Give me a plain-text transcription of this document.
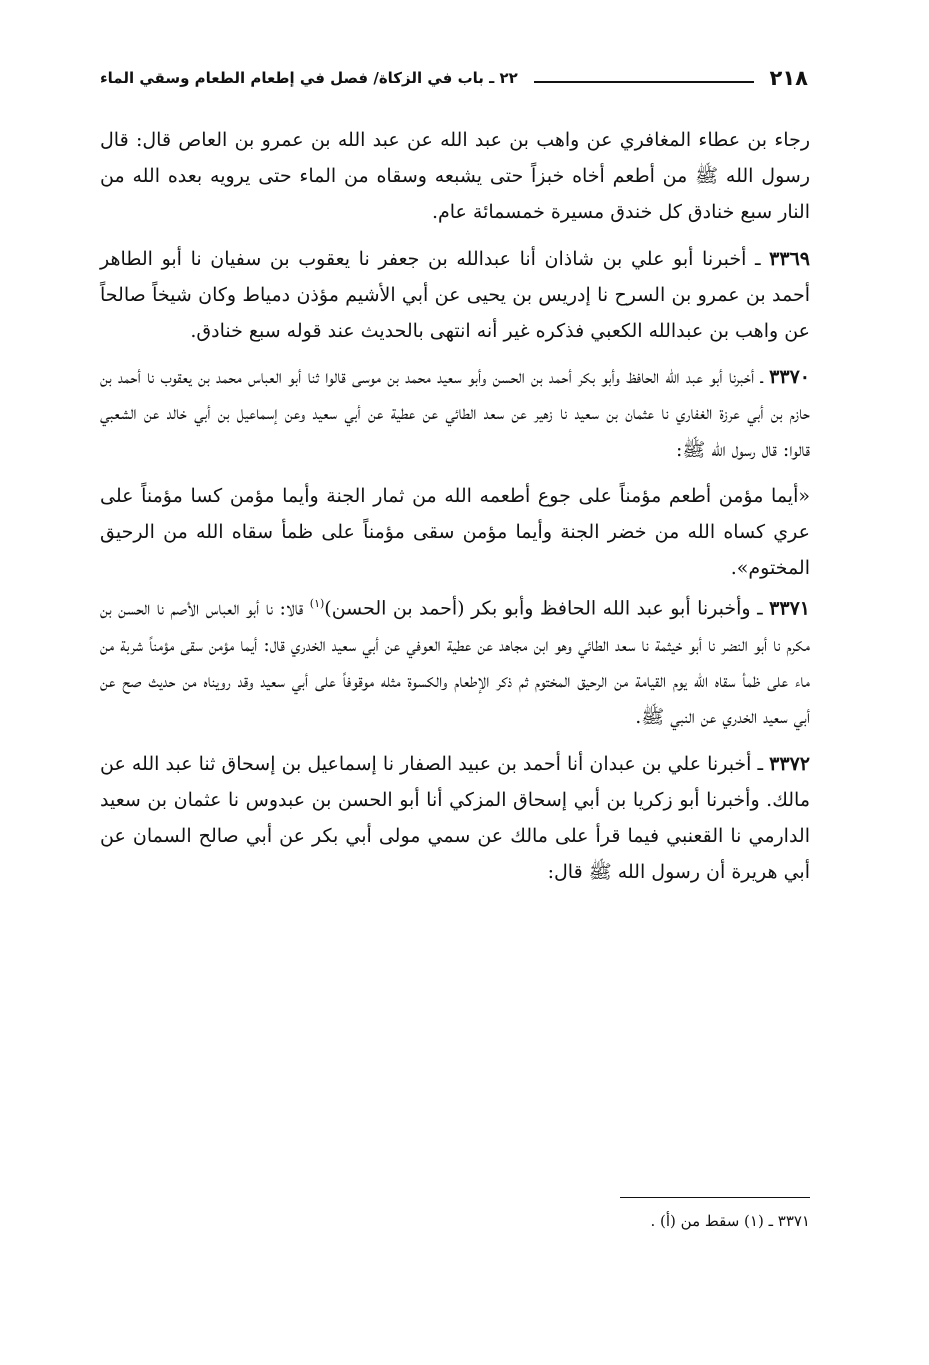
٢١٨
٢٢ ـ باب في الزكاة/ فصل في إطعام الطعام وسقي الماء

رجاء بن عطاء المغافري عن واهب بن عبد الله عن عبد الله بن عمرو بن العاص قال: قال رسول الله ﷺ من أطعم أخاه خبزاً حتى يشبعه وسقاه من الماء حتى يرويه بعده الله من النار سبع خنادق كل خندق مسيرة خمسمائة عام.

٣٣٦٩ ـ أخبرنا أبو علي بن شاذان أنا عبدالله بن جعفر نا يعقوب بن سفيان نا أبو الطاهر أحمد بن عمرو بن السرح نا إدريس بن يحيى عن أبي الأشيم مؤذن دمياط وكان شيخاً صالحاً عن واهب بن عبدالله الكعبي فذكره غير أنه انتهى بالحديث عند قوله سبع خنادق.

٣٣٧٠ ـ أخبرنا أبو عبد الله الحافظ وأبو بكر أحمد بن الحسن وأبو سعيد محمد بن موسى قالوا ثنا أبو العباس محمد بن يعقوب نا أحمد بن حازم بن أبي عرزة الغفاري نا عثمان بن سعيد نا زهير عن سعد الطائي عن عطية عن أبي سعيد وعن إسماعيل بن أبي خالد عن الشعبي قالوا: قال رسول الله ﷺ:

«أيما مؤمن أطعم مؤمناً على جوع أطعمه الله من ثمار الجنة وأيما مؤمن كسا مؤمناً على عري كساه الله من خضر الجنة وأيما مؤمن سقى مؤمناً على ظمأ سقاه الله من الرحيق المختوم».

٣٣٧١ ـ وأخبرنا أبو عبد الله الحافظ وأبو بكر (أحمد بن الحسن)$^{(١)}$ قالا: نا أبو العباس الأصم نا الحسن بن مكرم نا أبو النضر نا أبو خيثمة نا سعد الطائي وهو ابن مجاهد عن عطية العوفي عن أبي سعيد الخدري قال: أيما مؤمن سقى مؤمناً شربة من ماء على ظمأ سقاه الله يوم القيامة من الرحيق المختوم ثم ذكر الإطعام والكسوة مثله موقوفاً على أبي سعيد وقد رويناه من حديث صح عن أبي سعيد الخدري عن النبي ﷺ.

٣٣٧٢ ـ أخبرنا علي بن عبدان أنا أحمد بن عبيد الصفار نا إسماعيل بن إسحاق ثنا عبد الله عن مالك. وأخبرنا أبو زكريا بن أبي إسحاق المزكي أنا أبو الحسن بن عبدوس نا عثمان بن سعيد الدارمي نا القعنبي فيما قرأ على مالك عن سمي مولى أبي بكر عن أبي صالح السمان عن أبي هريرة أن رسول الله ﷺ قال:

٣٣٧١ ـ (١) سقط من (أ) .
